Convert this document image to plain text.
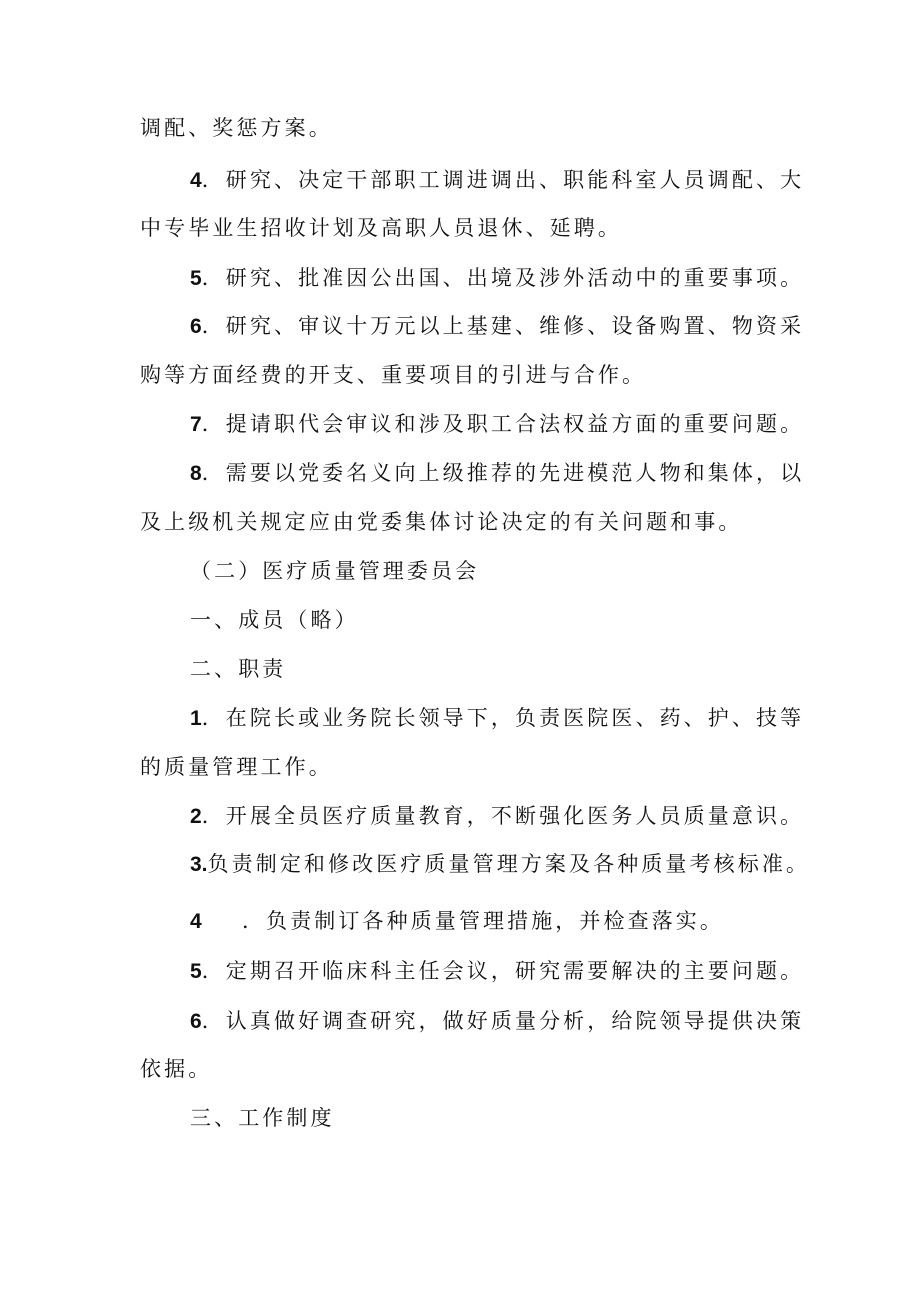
调配、奖惩方案。
4．研究、决定干部职工调进调出、职能科室人员调配、大
中专毕业生招收计划及高职人员退休、延聘。
5．研究、批准因公出国、出境及涉外活动中的重要事项。
6．研究、审议十万元以上基建、维修、设备购置、物资采
购等方面经费的开支、重要项目的引进与合作。
7．提请职代会审议和涉及职工合法权益方面的重要问题。
8．需要以党委名义向上级推荐的先进模范人物和集体，以
及上级机关规定应由党委集体讨论决定的有关问题和事。
（二）医疗质量管理委员会
一、成员（略）
二、职责
1．在院长或业务院长领导下，负责医院医、药、护、技等
的质量管理工作。
2．开展全员医疗质量教育，不断强化医务人员质量意识。
3.负责制定和修改医疗质量管理方案及各种质量考核标准。
4 ．负责制订各种质量管理措施，并检查落实。
5．定期召开临床科主任会议，研究需要解决的主要问题。
6．认真做好调查研究，做好质量分析，给院领导提供决策
依据。
三、工作制度
